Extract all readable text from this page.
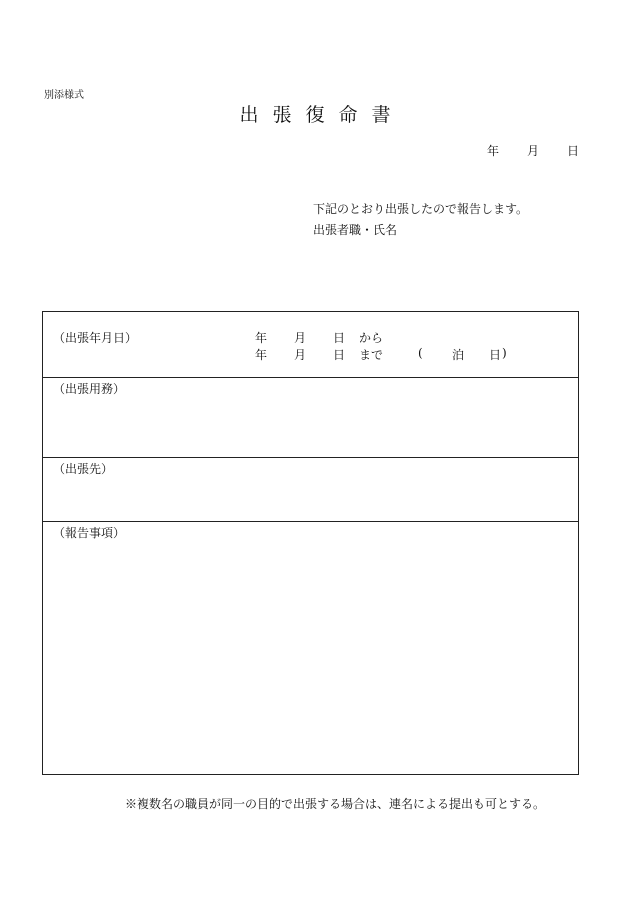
別添様式
出張復命書
年 月 日
下記のとおり出張したので報告します。
出張者職・氏名
（出張年月日）	年 月 日 から
年 月 日 まで	( 泊 日 )
（出張用務）
（出張先）
（報告事項）
※複数名の職員が同一の目的で出張する場合は、連名による提出も可とする。
